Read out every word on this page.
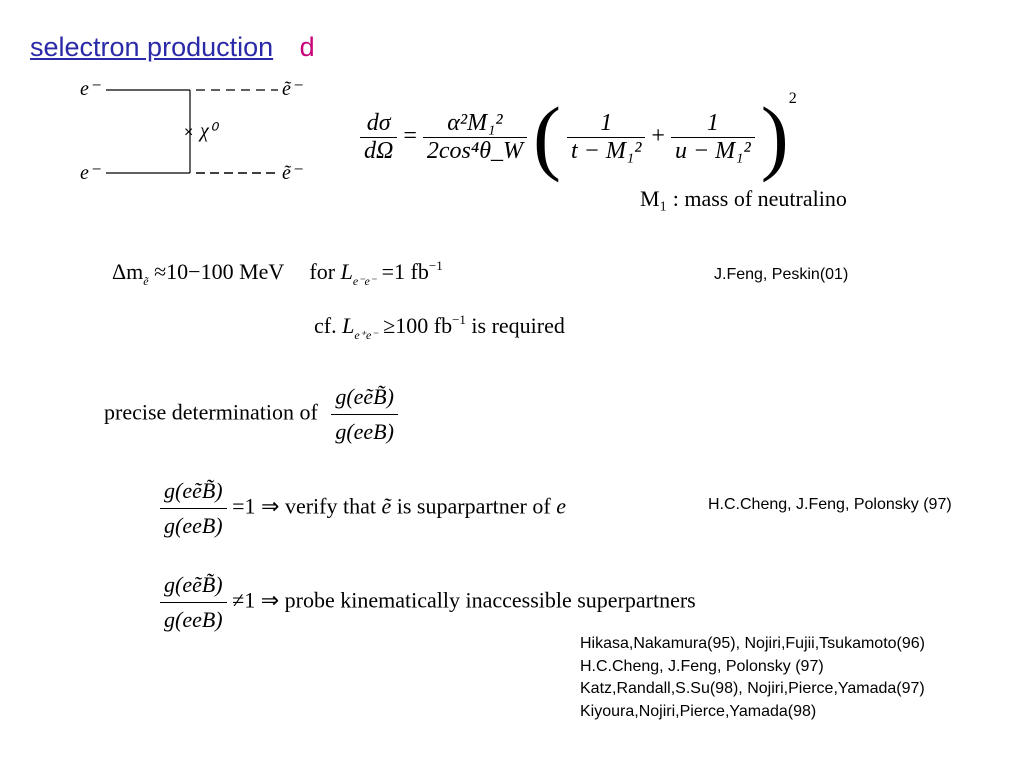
selectron production d
×
e⁻
e⁻
ẽ⁻
ẽ⁻
χ⁰	$\frac{d\sigma}{d\Omega} = \frac{\text{α²M₁²}}{\text{2cos⁴θ\_W}}$ ( $\frac{1}{\text{t − M₁²}} + \frac{1}{\text{u − M₁²}} )^2$
M₁ : mass of neutralino
$\Delta m_ẽ \approx 10-100$ MeV for $L_{e^-e^-} =1$ $fb^{-1}$
J.Feng, Peskin(01)
cf. $L_{e^+e^-} \ge 100$ $fb^{-1}$ is required
precise determination of $\frac{\text{g(eẽB̃)}}{\text{g(eeB)}}$
$\frac{\text{g(eẽB̃)}}{\text{g(eeB)}} =1$ ⇒ verify that ẽ is suparpartner of e	H.C.Cheng, J.Feng, Polonsky (97)
$\frac{\text{g(eẽB̃)}}{\text{g(eeB)}} \ne 1$ ⇒ probe kinematically inaccessible superpartners
Hikasa,Nakamura(95), Nojiri,Fujii,Tsukamoto(96)
H.C.Cheng, J.Feng, Polonsky (97)
Katz,Randall,S.Su(98), Nojiri,Pierce,Yamada(97)
Kiyoura,Nojiri,Pierce,Yamada(98)
